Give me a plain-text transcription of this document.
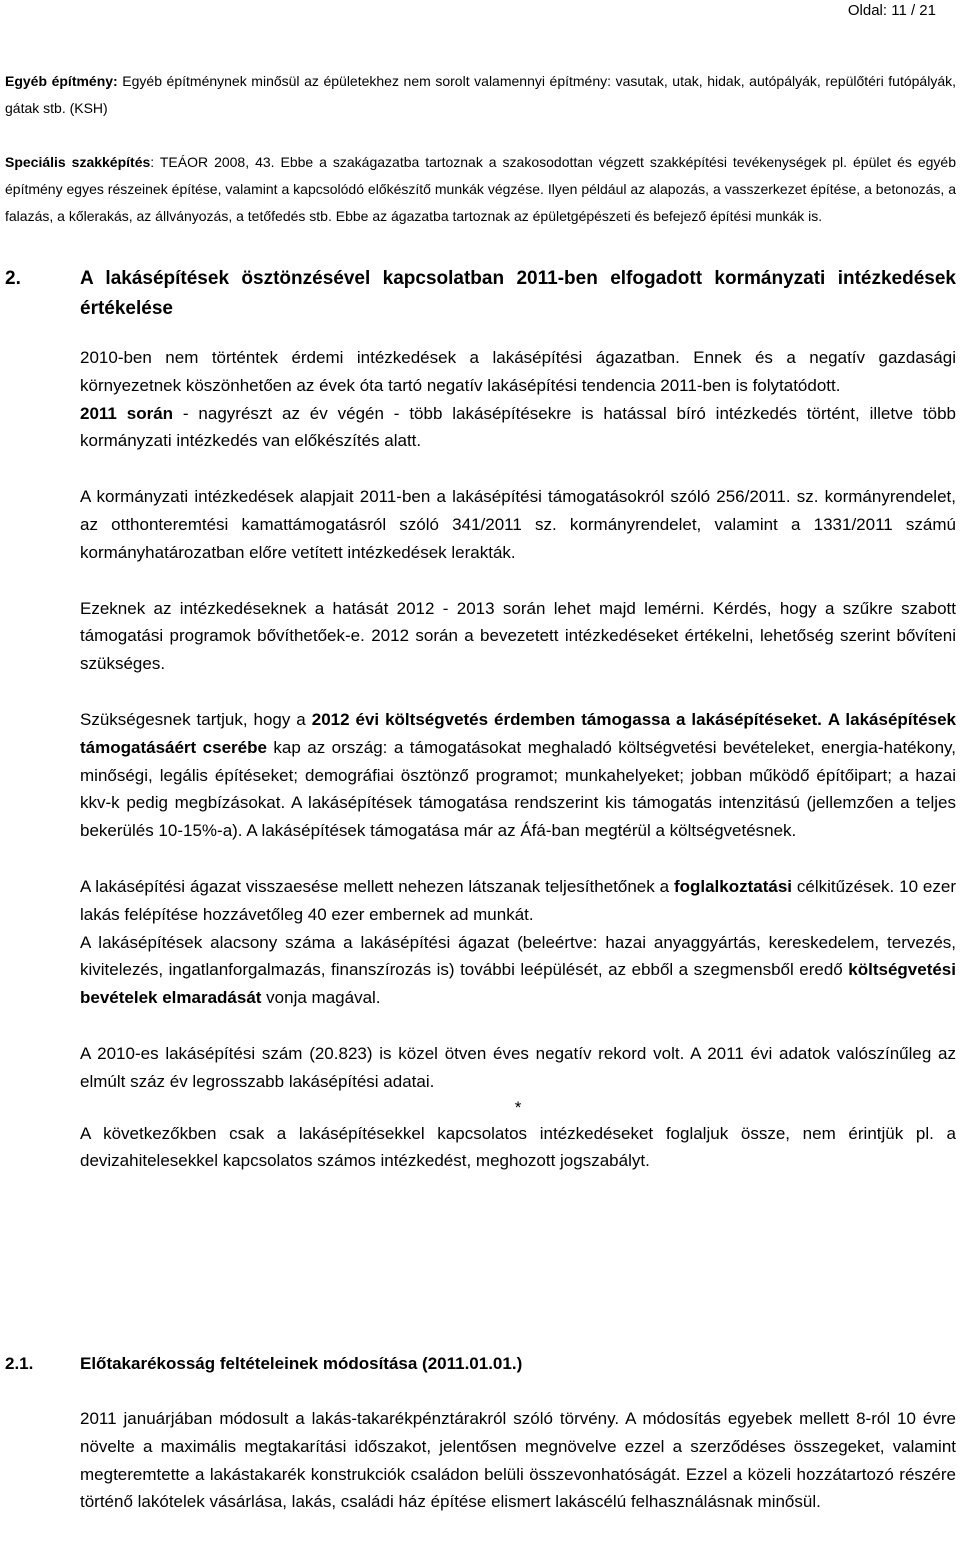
Oldal: 11 / 21

Egyéb építmény: Egyéb építménynek minősül az épületekhez nem sorolt valamennyi építmény: vasutak, utak, hidak, autópályák, repülőtéri futópályák, gátak stb. (KSH)
Speciális szakképítés: TEÁOR 2008, 43. Ebbe a szakágazatba tartoznak a szakosodottan végzett szakképítési tevékenységek pl. épület és egyéb építmény egyes részeinek építése, valamint a kapcsolódó előkészítő munkák végzése. Ilyen például az alapozás, a vasszerkezet építése, a betonozás, a falazás, a kőlerakás, az állványozás, a tetőfedés stb. Ebbe az ágazatba tartoznak az épületgépészeti és befejező építési munkák is.
2.	A lakásépítések ösztönzésével kapcsolatban 2011-ben elfogadott kormányzati intézkedések értékelése

2010-ben nem történtek érdemi intézkedések a lakásépítési ágazatban. Ennek és a negatív gazdasági környezetnek köszönhetően az évek óta tartó negatív lakásépítési tendencia 2011-ben is folytatódott.

2011 során - nagyrészt az év végén - több lakásépítésekre is hatással bíró intézkedés történt, illetve több kormányzati intézkedés van előkészítés alatt.

A kormányzati intézkedések alapjait 2011-ben a lakásépítési támogatásokról szóló 256/2011. sz. kormányrendelet, az otthonteremtési kamattámogatásról szóló 341/2011 sz. kormányrendelet, valamint a 1331/2011 számú kormányhatározatban előre vetített intézkedések lerakták.

Ezeknek az intézkedéseknek a hatását 2012 - 2013 során lehet majd lemérni. Kérdés, hogy a szűkre szabott támogatási programok bővíthetőek-e. 2012 során a bevezetett intézkedéseket értékelni, lehetőség szerint bővíteni szükséges.

Szükségesnek tartjuk, hogy a 2012 évi költségvetés érdemben támogassa a lakásépítéseket. A lakásépítések támogatásáért cserébe kap az ország: a támogatásokat meghaladó költségvetési bevételeket, energia-hatékony, minőségi, legális építéseket; demográfiai ösztönző programot; munkahelyeket; jobban működő építőipart; a hazai kkv-k pedig megbízásokat. A lakásépítések támogatása rendszerint kis támogatás intenzitású (jellemzően a teljes bekerülés 10-15%-a). A lakásépítések támogatása már az Áfá-ban megtérül a költségvetésnek.

A lakásépítési ágazat visszaesése mellett nehezen látszanak teljesíthetőnek a foglalkoztatási célkitűzések. 10 ezer lakás felépítése hozzávetőleg 40 ezer embernek ad munkát.

A lakásépítések alacsony száma a lakásépítési ágazat (beleértve: hazai anyaggyártás, kereskedelem, tervezés, kivitelezés, ingatlanforgalmazás, finanszírozás is) további leépülését, az ebből a szegmensből eredő költségvetési bevételek elmaradását vonja magával.

A 2010-es lakásépítési szám (20.823) is közel ötven éves negatív rekord volt. A 2011 évi adatok valószínűleg az elmúlt száz év legrosszabb lakásépítési adatai.

*

A következőkben csak a lakásépítésekkel kapcsolatos intézkedéseket foglaljuk össze, nem érintjük pl. a devizahitelesekkel kapcsolatos számos intézkedést, meghozott jogszabályt.

2.1.	Előtakarékosság feltételeinek módosítása (2011.01.01.)

2011 januárjában módosult a lakás-takarékpénztárakról szóló törvény. A módosítás egyebek mellett 8-ról 10 évre növelte a maximális megtakarítási időszakot, jelentősen megnövelve ezzel a szerződéses összegeket, valamint megteremtette a lakástakarék konstrukciók családon belüli összevonhatóságát. Ezzel a közeli hozzátartozó részére történő lakótelek vásárlása, lakás, családi ház építése elismert lakáscélú felhasználásnak minősül.
